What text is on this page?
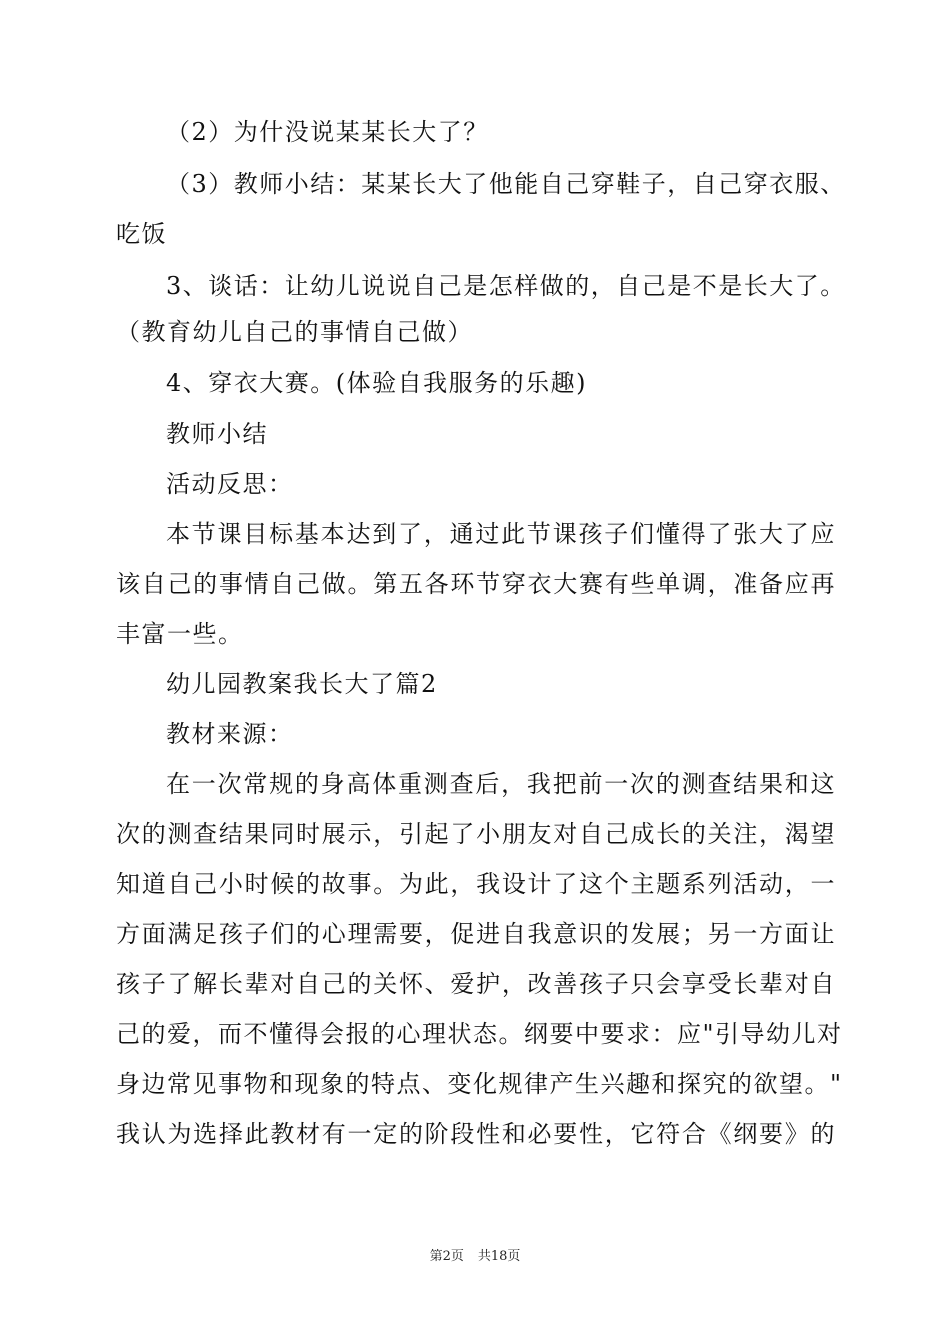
（2）为什没说某某长大了？
（3）教师小结：某某长大了他能自己穿鞋子，自己穿衣服、
吃饭
3、谈话：让幼儿说说自己是怎样做的，自己是不是长大了。
（教育幼儿自己的事情自己做）
4、穿衣大赛。(体验自我服务的乐趣)
教师小结
活动反思：
本节课目标基本达到了，通过此节课孩子们懂得了张大了应
该自己的事情自己做。第五各环节穿衣大赛有些单调，准备应再
丰富一些。
幼儿园教案我长大了篇2
教材来源：
在一次常规的身高体重测查后，我把前一次的测查结果和这
次的测查结果同时展示，引起了小朋友对自己成长的关注，渴望
知道自己小时候的故事。为此，我设计了这个主题系列活动，一
方面满足孩子们的心理需要，促进自我意识的发展；另一方面让
孩子了解长辈对自己的关怀、爱护，改善孩子只会享受长辈对自
己的爱，而不懂得会报的心理状态。纲要中要求：应"引导幼儿对
身边常见事物和现象的特点、变化规律产生兴趣和探究的欲望。"
我认为选择此教材有一定的阶段性和必要性，它符合《纲要》的
第2页 共18页
